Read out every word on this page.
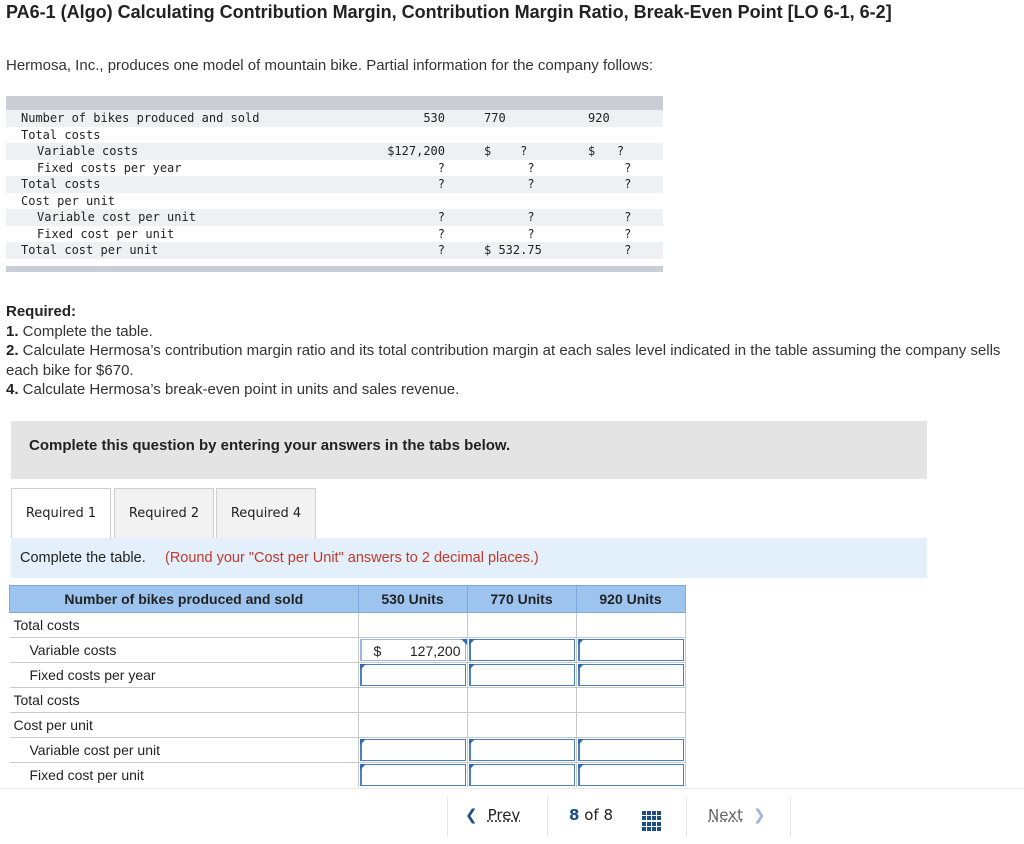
PA6-1 (Algo) Calculating Contribution Margin, Contribution Margin Ratio, Break-Even Point [LO 6-1, 6-2]
Hermosa, Inc., produces one model of mountain bike. Partial information for the company follows:
Number of bikes produced and sold	530	770	920
Total costs
Variable costs	$127,200	$    ?	$   ?
Fixed costs per year	?	?	?
Total costs	?	?	?
Cost per unit
Variable cost per unit	?	?	?
Fixed cost per unit	?	?	?
Total cost per unit	?	$ 532.75	?
Required:
1. Complete the table.
2. Calculate Hermosa’s contribution margin ratio and its total contribution margin at each sales level indicated in the table assuming the company sells each bike for $670.
4. Calculate Hermosa’s break-even point in units and sales revenue.
Complete this question by entering your answers in the tabs below.
Required 1	Required 2	Required 4
Complete the table. (Round your "Cost per Unit" answers to 2 decimal places.)
Number of bikes produced and sold	530 Units	770 Units	920 Units
Total costs			
Variable costs	$ 127,200		

Fixed costs per year	

Total costs			
Cost per unit			
Variable cost per unit	

Fixed cost per unit	

❮ Prev	8 of 8	Next ❯
